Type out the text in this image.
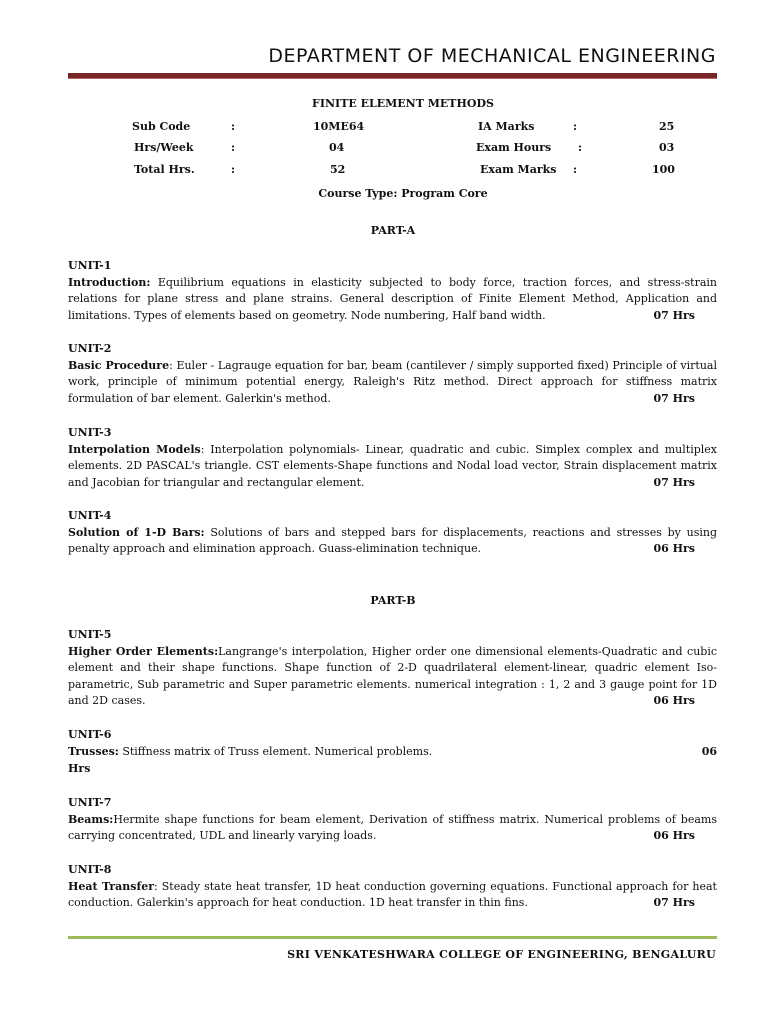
DEPARTMENT OF MECHANICAL ENGINEERING
FINITE ELEMENT METHODS
Sub Code	:	10ME64	IA Marks	:	25
Hrs/Week	:	04	Exam Hours :	03
Total Hrs.	:	52	Exam Marks :	100
Course Type: Program Core
PART-A
UNIT-1
Introduction: Equilibrium equations in elasticity subjected to body force, traction forces, and stress-strain relations for plane stress and plane strains. General description of Finite Element Method, Application and limitations. Types of elements based on geometry. Node numbering, Half band width.	07 Hrs
UNIT-2
Basic Procedure: Euler - Lagrauge equation for bar, beam (cantilever / simply supported fixed) Principle of virtual work, principle of minimum potential energy, Raleigh's Ritz method. Direct approach for stiffness matrix formulation of bar element. Galerkin's method.	07 Hrs
UNIT-3
Interpolation Models: Interpolation polynomials- Linear, quadratic and cubic. Simplex complex and multiplex elements. 2D PASCAL's triangle. CST elements-Shape functions and Nodal load vector, Strain displacement matrix and Jacobian for triangular and rectangular element.	07 Hrs
UNIT-4
Solution of 1-D Bars: Solutions of bars and stepped bars for displacements, reactions and stresses by using penalty approach and elimination approach. Guass-elimination technique.	06 Hrs
PART-B
UNIT-5
Higher Order Elements:Langrange's interpolation, Higher order one dimensional elements-Quadratic and cubic element and their shape functions. Shape function of 2-D quadrilateral element-linear, quadric element Iso-parametric, Sub parametric and Super parametric elements. numerical integration : 1, 2 and 3 gauge point for 1D and 2D cases.	06 Hrs
UNIT-6
Trusses: Stiffness matrix of Truss element. Numerical problems.	06
Hrs
UNIT-7
Beams:Hermite shape functions for beam element, Derivation of stiffness matrix. Numerical problems of beams carrying concentrated, UDL and linearly varying loads.	06 Hrs
UNIT-8
Heat Transfer: Steady state heat transfer, 1D heat conduction governing equations. Functional approach for heat conduction. Galerkin's approach for heat conduction. 1D heat transfer in thin fins.	07 Hrs
SRI VENKATESHWARA COLLEGE OF ENGINEERING, BENGALURU
